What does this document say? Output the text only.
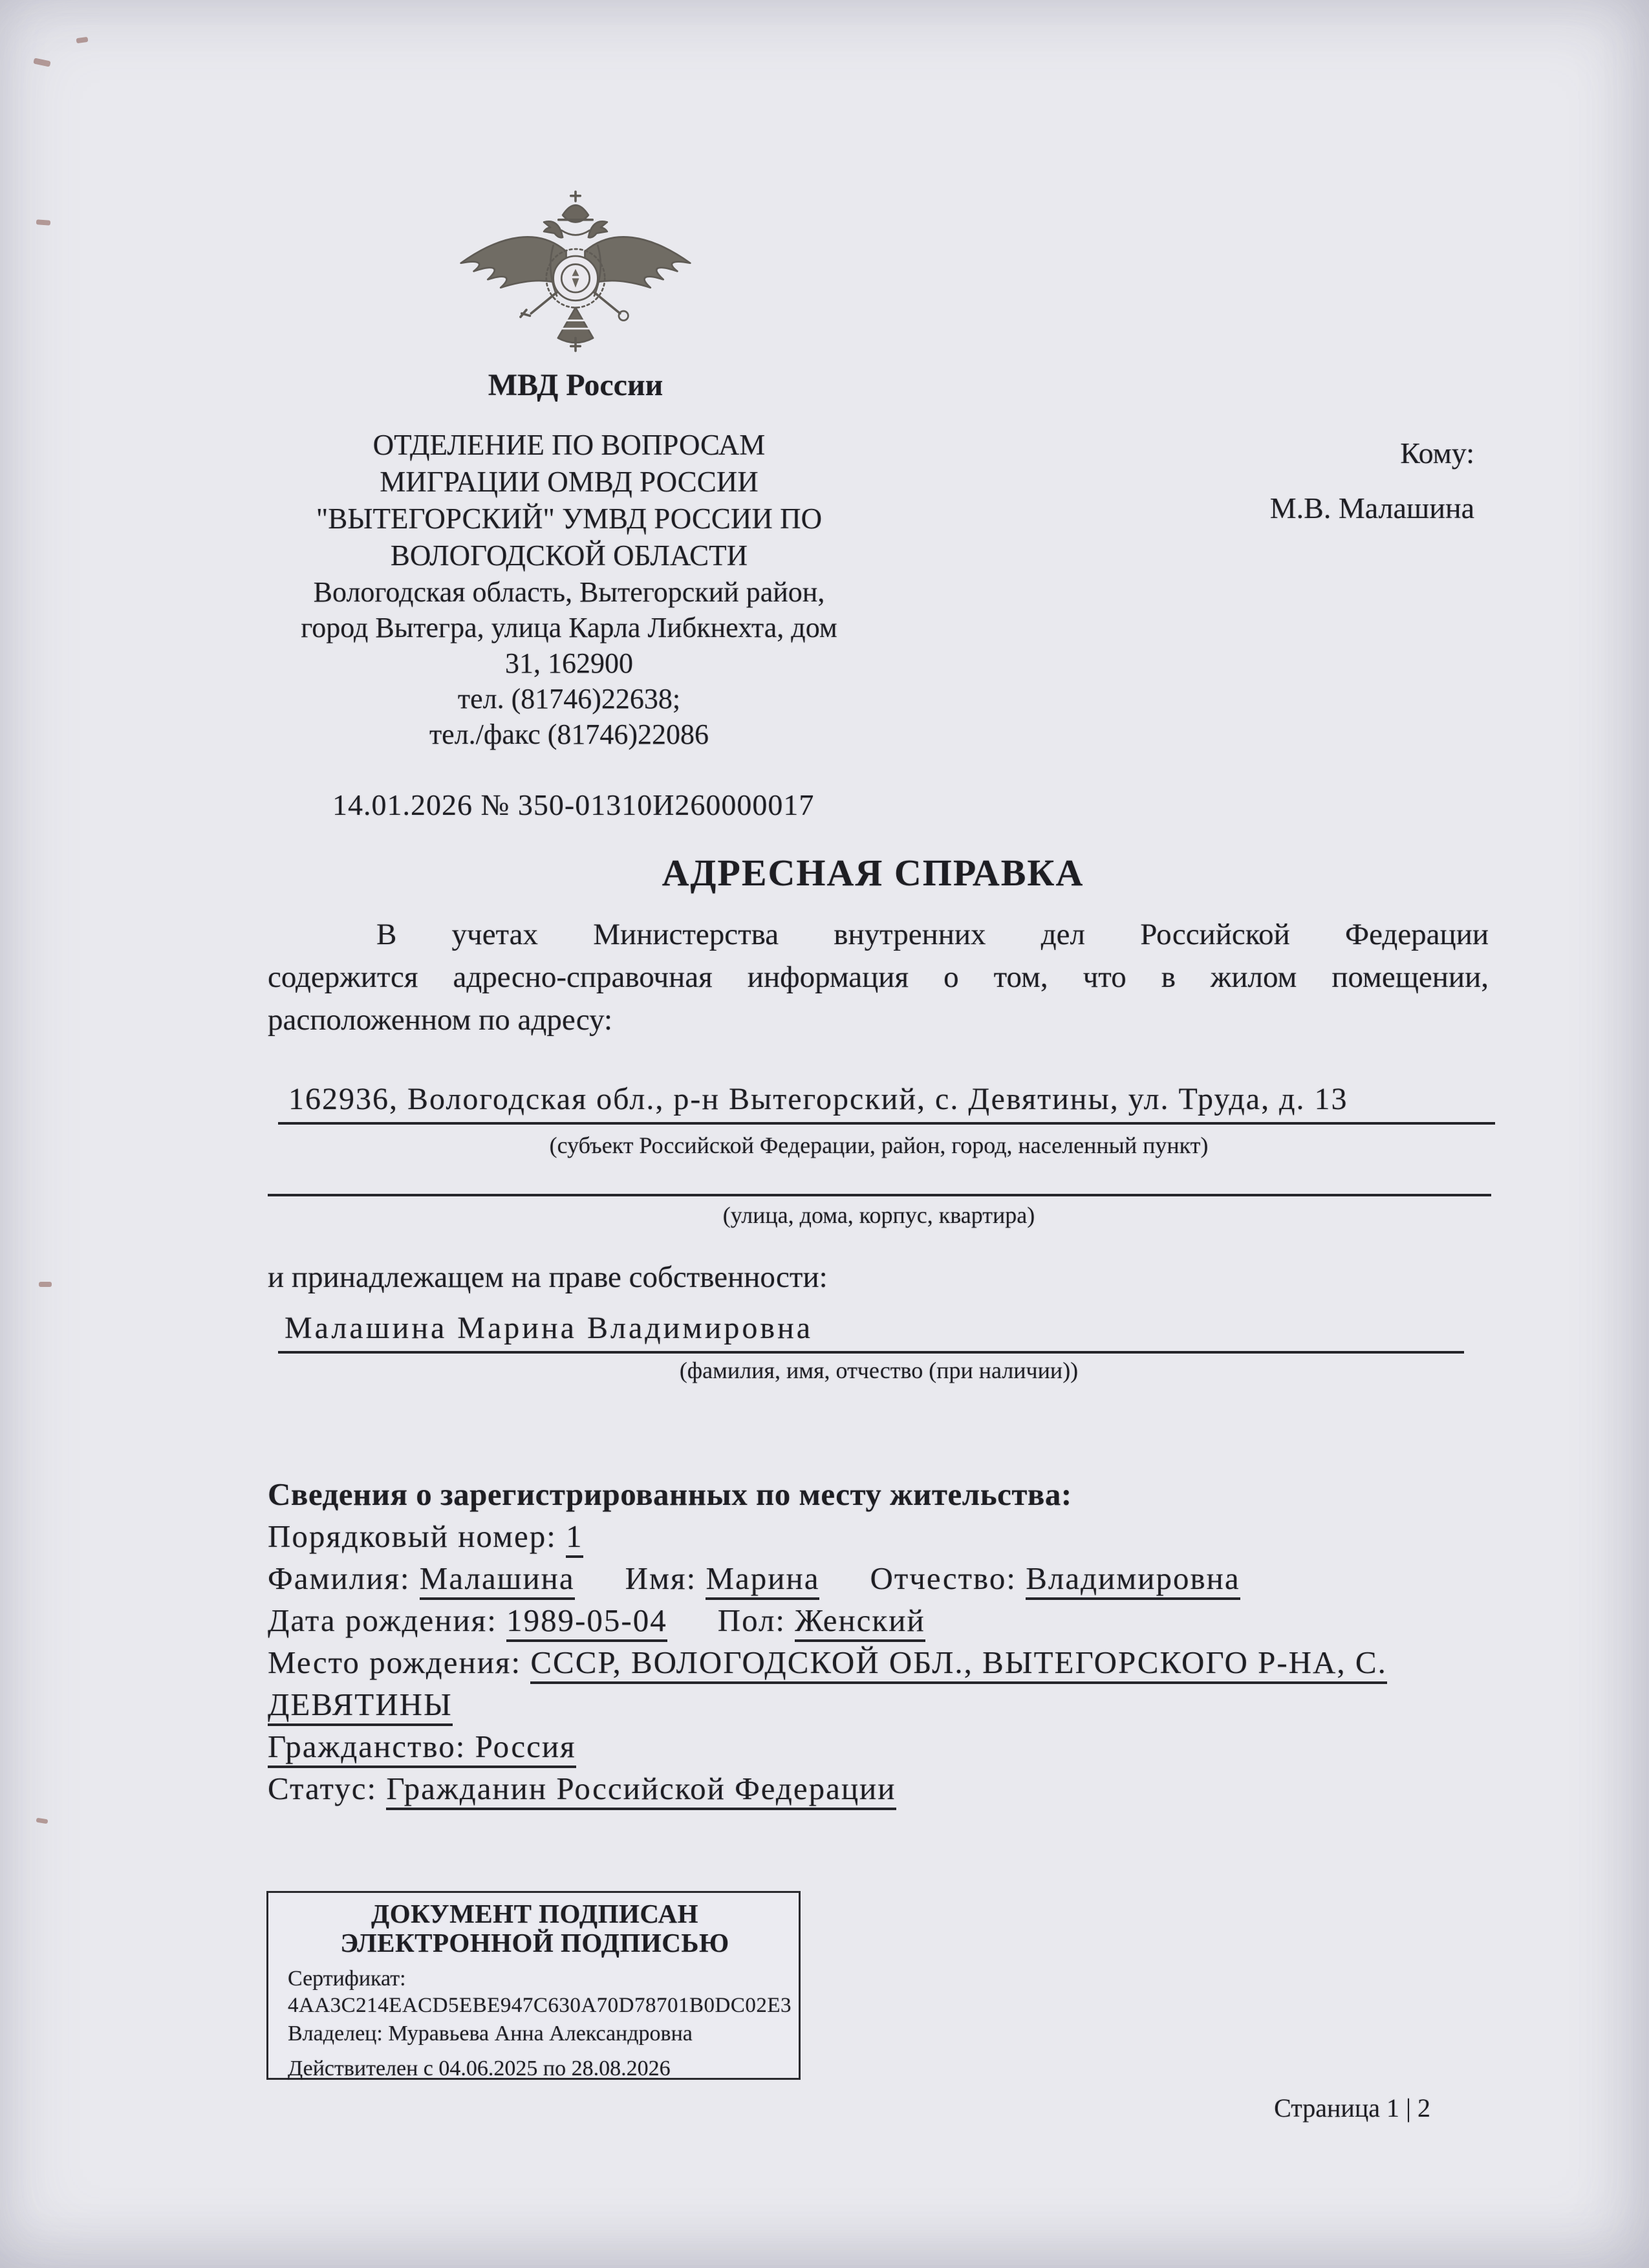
МВД России
ОТДЕЛЕНИЕ ПО ВОПРОСАМ
МИГРАЦИИ ОМВД РОССИИ
"ВЫТЕГОРСКИЙ" УМВД РОССИИ ПО
ВОЛОГОДСКОЙ ОБЛАСТИ
Вологодская область, Вытегорский район,
город Вытегра, улица Карла Либкнехта, дом
31, 162900
тел. (81746)22638;
тел./факс (81746)22086
Кому:
М.В. Малашина
14.01.2026 № 350-01310И260000017
АДРЕСНАЯ СПРАВКА
В учетах Министерства внутренних дел Российской Федерации
содержится адресно-справочная информация о том, что в жилом помещении,
расположенном по адресу:
162936, Вологодская обл., р-н Вытегорский, с. Девятины, ул. Труда, д. 13
(субъект Российской Федерации, район, город, населенный пункт)
(улица, дома, корпус, квартира)
и принадлежащем на праве собственности:
Малашина Марина Владимировна
(фамилия, имя, отчество (при наличии))
Сведения о зарегистрированных по месту жительства:
Порядковый номер: 1
Фамилия: Малашина Имя: Марина Отчество: Владимировна
Дата рождения: 1989-05-04 Пол: Женский
Место рождения: СССР, ВОЛОГОДСКОЙ ОБЛ., ВЫТЕГОРСКОГО Р-НА, С.
ДЕВЯТИНЫ
Гражданство: Россия
Статус: Гражданин Российской Федерации
ДОКУМЕНТ ПОДПИСАН
ЭЛЕКТРОННОЙ ПОДПИСЬЮ
Сертификат:
4AA3C214EACD5EBE947C630A70D78701B0DC02E3
Владелец: Муравьева Анна Александровна
Действителен с 04.06.2025 по 28.08.2026
Страница 1 | 2
